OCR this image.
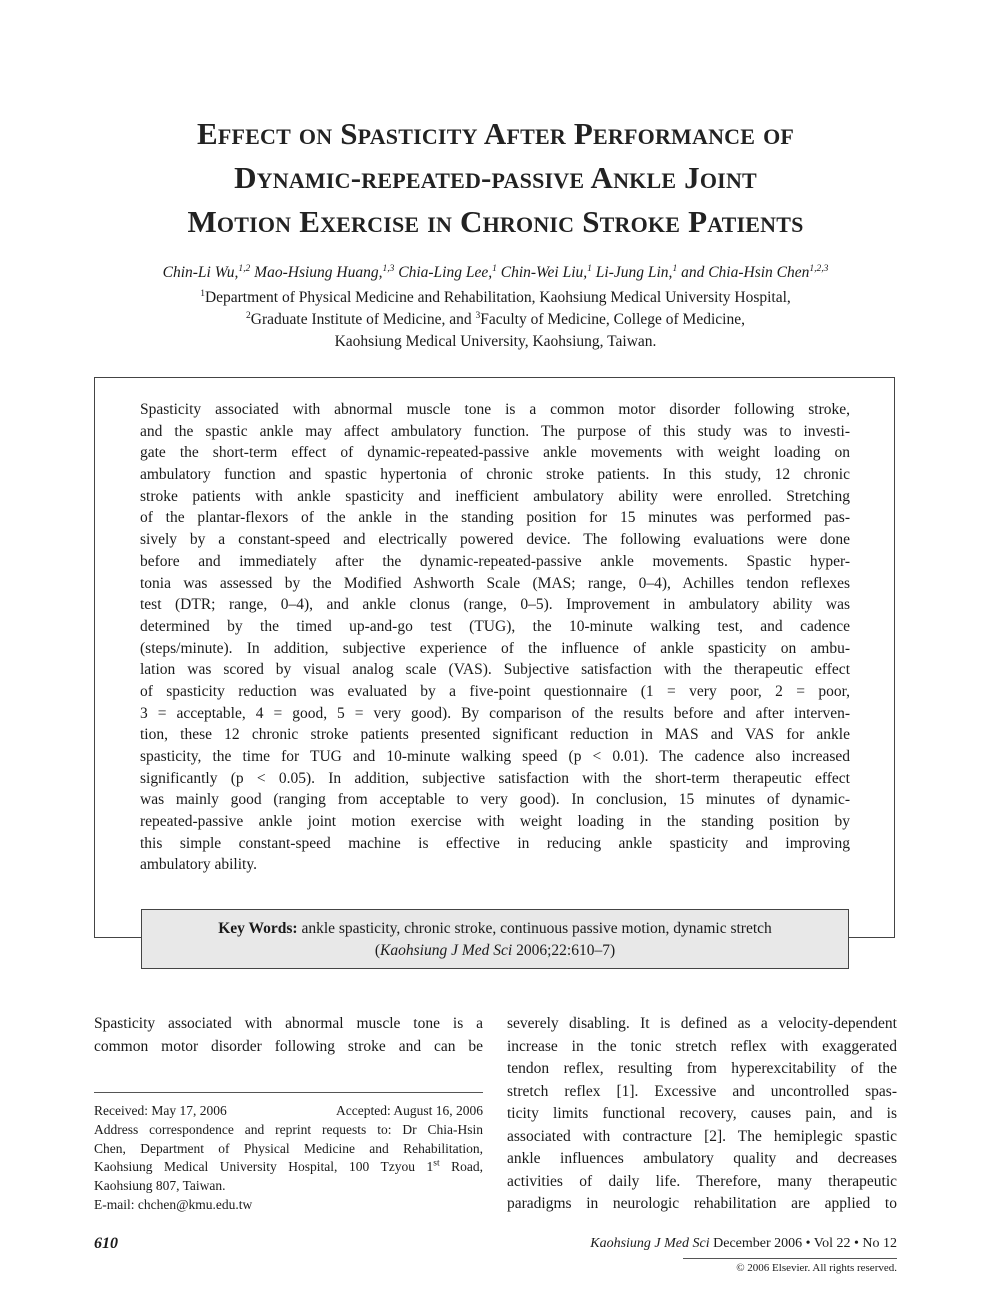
Effect on Spasticity After Performance of
Dynamic-repeated-passive Ankle Joint
Motion Exercise in Chronic Stroke Patients
Chin-Li Wu,$^{1,2}$ Mao-Hsiung Huang,$^{1,3}$ Chia-Ling Lee,$^1$ Chin-Wei Liu,$^1$ Li-Jung Lin,$^1$ and Chia-Hsin Chen$^{1,2,3}$
$^1$Department of Physical Medicine and Rehabilitation, Kaohsiung Medical University Hospital,
$^2$Graduate Institute of Medicine, and $^3$Faculty of Medicine, College of Medicine,
Kaohsiung Medical University, Kaohsiung, Taiwan.
Spasticity associated with abnormal muscle tone is a common motor disorder following stroke,
and the spastic ankle may affect ambulatory function. The purpose of this study was to investi-
gate the short-term effect of dynamic-repeated-passive ankle movements with weight loading on
ambulatory function and spastic hypertonia of chronic stroke patients. In this study, 12 chronic
stroke patients with ankle spasticity and inefficient ambulatory ability were enrolled. Stretching
of the plantar-flexors of the ankle in the standing position for 15 minutes was performed pas-
sively by a constant-speed and electrically powered device. The following evaluations were done
before and immediately after the dynamic-repeated-passive ankle movements. Spastic hyper-
tonia was assessed by the Modified Ashworth Scale (MAS; range, 0–4), Achilles tendon reflexes
test (DTR; range, 0–4), and ankle clonus (range, 0–5). Improvement in ambulatory ability was
determined by the timed up-and-go test (TUG), the 10-minute walking test, and cadence
(steps/minute). In addition, subjective experience of the influence of ankle spasticity on ambu-
lation was scored by visual analog scale (VAS). Subjective satisfaction with the therapeutic effect
of spasticity reduction was evaluated by a five-point questionnaire (1 = very poor, 2 = poor,
3 = acceptable, 4 = good, 5 = very good). By comparison of the results before and after interven-
tion, these 12 chronic stroke patients presented significant reduction in MAS and VAS for ankle
spasticity, the time for TUG and 10-minute walking speed (p < 0.01). The cadence also increased
significantly (p < 0.05). In addition, subjective satisfaction with the short-term therapeutic effect
was mainly good (ranging from acceptable to very good). In conclusion, 15 minutes of dynamic-
repeated-passive ankle joint motion exercise with weight loading in the standing position by
this simple constant-speed machine is effective in reducing ankle spasticity and improving
ambulatory ability.
Key Words: ankle spasticity, chronic stroke, continuous passive motion, dynamic stretch
(Kaohsiung J Med Sci 2006;22:610–7)
Spasticity associated with abnormal muscle tone is a
common motor disorder following stroke and can be
Received: May 17, 2006	Accepted: August 16, 2006
Address correspondence and reprint requests to: Dr Chia-Hsin
Chen, Department of Physical Medicine and Rehabilitation,
Kaohsiung Medical University Hospital, 100 Tzyou 1st Road,
Kaohsiung 807, Taiwan.
E-mail: chchen@kmu.edu.tw
severely disabling. It is defined as a velocity-dependent
increase in the tonic stretch reflex with exaggerated
tendon reflex, resulting from hyperexcitability of the
stretch reflex [1]. Excessive and uncontrolled spas-
ticity limits functional recovery, causes pain, and is
associated with contracture [2]. The hemiplegic spastic
ankle influences ambulatory quality and decreases
activities of daily life. Therefore, many therapeutic
paradigms in neurologic rehabilitation are applied to
610	Kaohsiung J Med Sci December 2006 • Vol 22 • No 12
© 2006 Elsevier. All rights reserved.
